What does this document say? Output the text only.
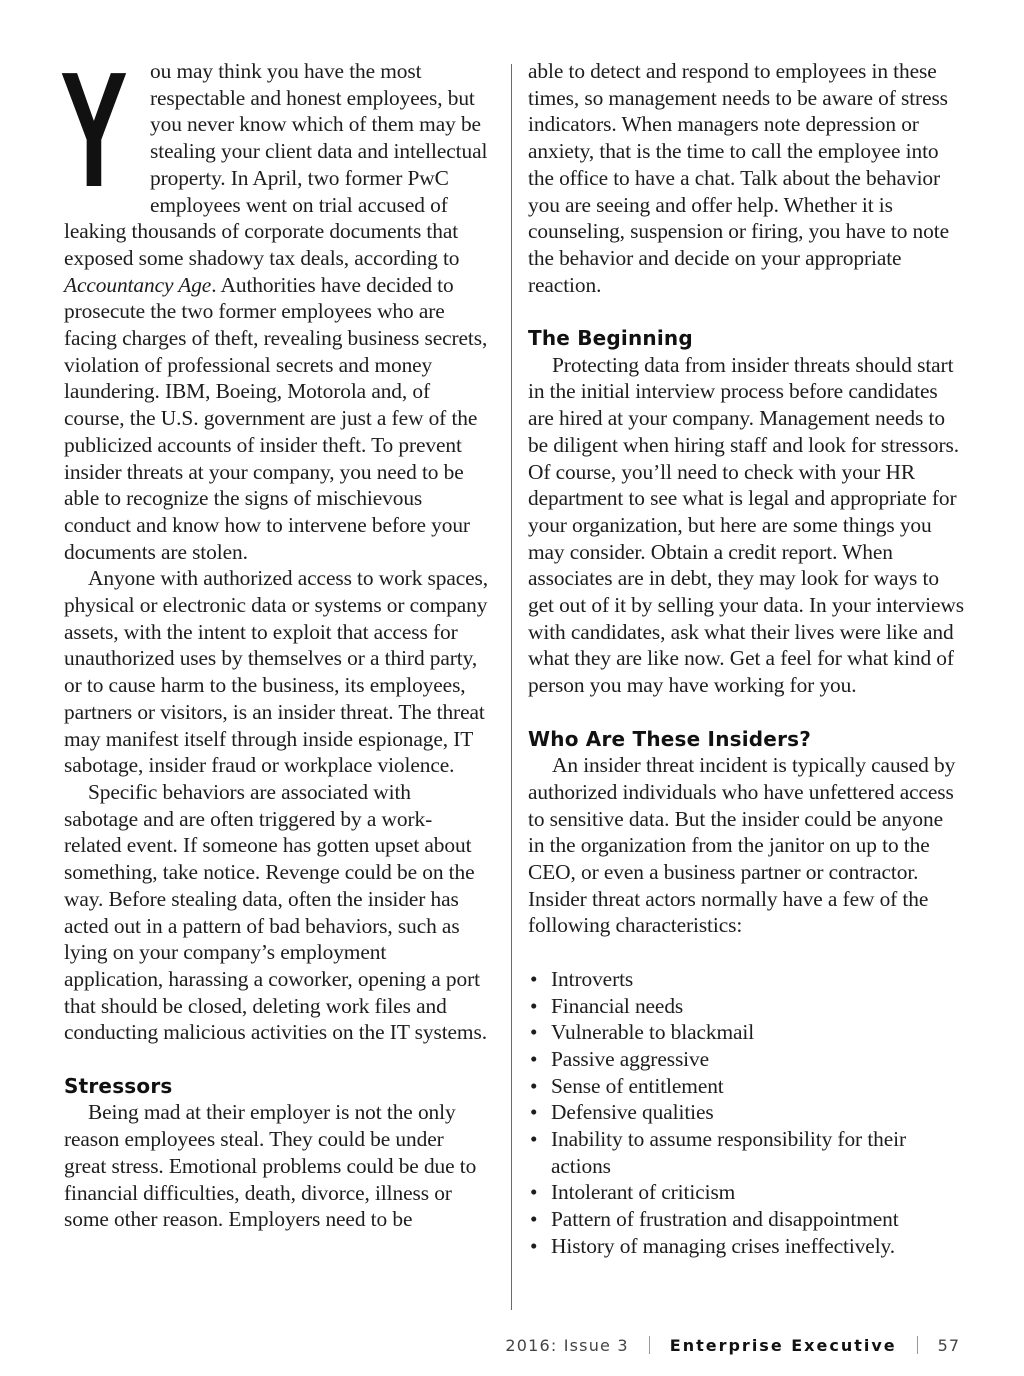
Y ou may think you have the most respectable and honest employees, but you never know which of them may be stealing your client data and intellectual property. In April, two former PwC employees went on trial accused of leaking thousands of corporate documents that exposed some shadowy tax deals, according to Accountancy Age. Authorities have decided to prosecute the two former employees who are facing charges of theft, revealing business secrets, violation of professional secrets and money laundering. IBM, Boeing, Motorola and, of course, the U.S. government are just a few of the publicized accounts of insider theft. To prevent insider threats at your company, you need to be able to recognize the signs of mischievous conduct and know how to intervene before your documents are stolen.

Anyone with authorized access to work spaces, physical or electronic data or systems or company assets, with the intent to exploit that access for unauthorized uses by themselves or a third party, or to cause harm to the business, its employees, partners or visitors, is an insider threat. The threat may manifest itself through inside espionage, IT sabotage, insider fraud or workplace violence.

Specific behaviors are associated with sabotage and are often triggered by a work-related event. If someone has gotten upset about something, take notice. Revenge could be on the way. Before stealing data, often the insider has acted out in a pattern of bad behaviors, such as lying on your company’s employment application, harassing a coworker, opening a port that should be closed, deleting work files and conducting malicious activities on the IT systems.

Stressors

Being mad at their employer is not the only reason employees steal. They could be under great stress. Emotional problems could be due to financial difficulties, death, divorce, illness or some other reason. Employers need to be

able to detect and respond to employees in these times, so management needs to be aware of stress indicators. When managers note depression or anxiety, that is the time to call the employee into the office to have a chat. Talk about the behavior you are seeing and offer help. Whether it is counseling, suspension or firing, you have to note the behavior and decide on your appropriate reaction.

The Beginning

Protecting data from insider threats should start in the initial interview process before candidates are hired at your company. Management needs to be diligent when hiring staff and look for stressors. Of course, you’ll need to check with your HR department to see what is legal and appropriate for your organization, but here are some things you may consider. Obtain a credit report. When associates are in debt, they may look for ways to get out of it by selling your data. In your interviews with candidates, ask what their lives were like and what they are like now. Get a feel for what kind of person you may have working for you.

Who Are These Insiders?

An insider threat incident is typically caused by authorized individuals who have unfettered access to sensitive data. But the insider could be anyone in the organization from the janitor on up to the CEO, or even a business partner or contractor. Insider threat actors normally have a few of the following characteristics:

• Introverts
• Financial needs
• Vulnerable to blackmail
• Passive aggressive
• Sense of entitlement
• Defensive qualities
• Inability to assume responsibility for their actions
• Intolerant of criticism
• Pattern of frustration and disappointment
• History of managing crises ineffectively.
2016: Issue 3	Enterprise Executive	57
